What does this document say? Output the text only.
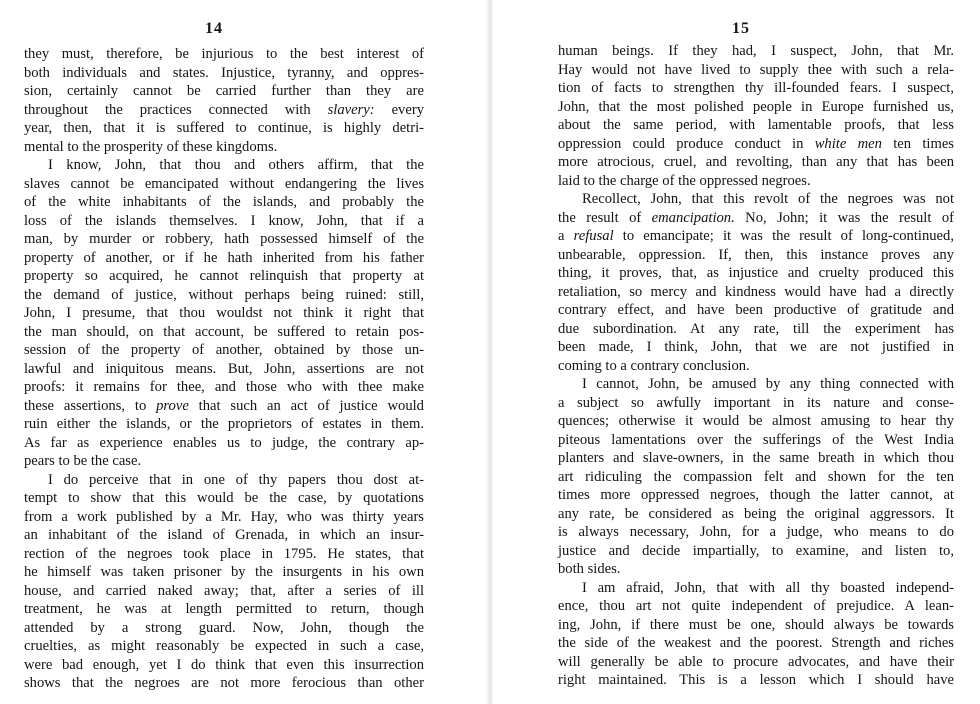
14
they must, therefore, be injurious to the best interest of
both individuals and states. Injustice, tyranny, and oppres-
sion, certainly cannot be carried further than they are
throughout the practices connected with slavery: every
year, then, that it is suffered to continue, is highly detri-
mental to the prosperity of these kingdoms.
I know, John, that thou and others affirm, that the
slaves cannot be emancipated without endangering the lives
of the white inhabitants of the islands, and probably the
loss of the islands themselves. I know, John, that if a
man, by murder or robbery, hath possessed himself of the
property of another, or if he hath inherited from his father
property so acquired, he cannot relinquish that property at
the demand of justice, without perhaps being ruined: still,
John, I presume, that thou wouldst not think it right that
the man should, on that account, be suffered to retain pos-
session of the property of another, obtained by those un-
lawful and iniquitous means. But, John, assertions are not
proofs: it remains for thee, and those who with thee make
these assertions, to prove that such an act of justice would
ruin either the islands, or the proprietors of estates in them.
As far as experience enables us to judge, the contrary ap-
pears to be the case.
I do perceive that in one of thy papers thou dost at-
tempt to show that this would be the case, by quotations
from a work published by a Mr. Hay, who was thirty years
an inhabitant of the island of Grenada, in which an insur-
rection of the negroes took place in 1795. He states, that
he himself was taken prisoner by the insurgents in his own
house, and carried naked away; that, after a series of ill
treatment, he was at length permitted to return, though
attended by a strong guard. Now, John, though the
cruelties, as might reasonably be expected in such a case,
were bad enough, yet I do think that even this insurrection
shows that the negroes are not more ferocious than other
15
human beings. If they had, I suspect, John, that Mr.
Hay would not have lived to supply thee with such a rela-
tion of facts to strengthen thy ill-founded fears. I suspect,
John, that the most polished people in Europe furnished us,
about the same period, with lamentable proofs, that less
oppression could produce conduct in white men ten times
more atrocious, cruel, and revolting, than any that has been
laid to the charge of the oppressed negroes.
Recollect, John, that this revolt of the negroes was not
the result of emancipation. No, John; it was the result of
a refusal to emancipate; it was the result of long-continued,
unbearable, oppression. If, then, this instance proves any
thing, it proves, that, as injustice and cruelty produced this
retaliation, so mercy and kindness would have had a directly
contrary effect, and have been productive of gratitude and
due subordination. At any rate, till the experiment has
been made, I think, John, that we are not justified in
coming to a contrary conclusion.
I cannot, John, be amused by any thing connected with
a subject so awfully important in its nature and conse-
quences; otherwise it would be almost amusing to hear thy
piteous lamentations over the sufferings of the West India
planters and slave-owners, in the same breath in which thou
art ridiculing the compassion felt and shown for the ten
times more oppressed negroes, though the latter cannot, at
any rate, be considered as being the original aggressors. It
is always necessary, John, for a judge, who means to do
justice and decide impartially, to examine, and listen to,
both sides.
I am afraid, John, that with all thy boasted independ-
ence, thou art not quite independent of prejudice. A lean-
ing, John, if there must be one, should always be towards
the side of the weakest and the poorest. Strength and riches
will generally be able to procure advocates, and have their
right maintained. This is a lesson which I should have
